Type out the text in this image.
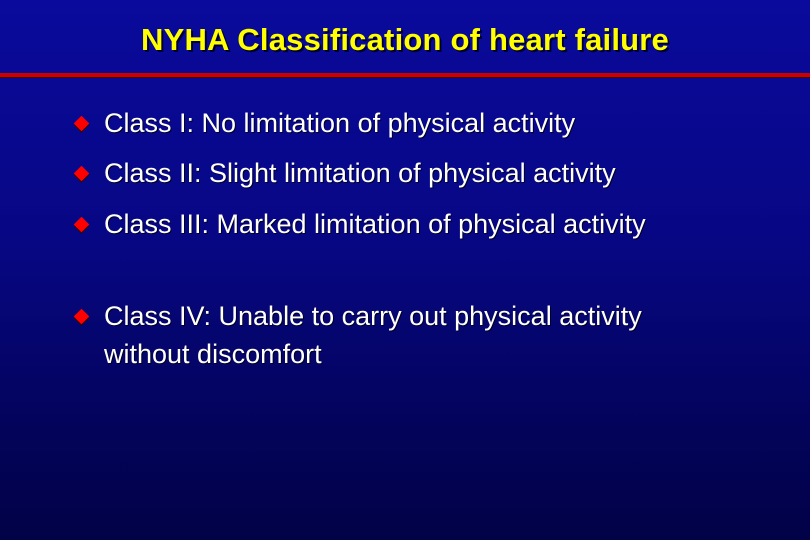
NYHA Classification of heart failure
Class I: No limitation of physical activity
Class II: Slight limitation of physical activity
Class III: Marked limitation of physical activity
Class IV: Unable to carry out physical activity without discomfort
